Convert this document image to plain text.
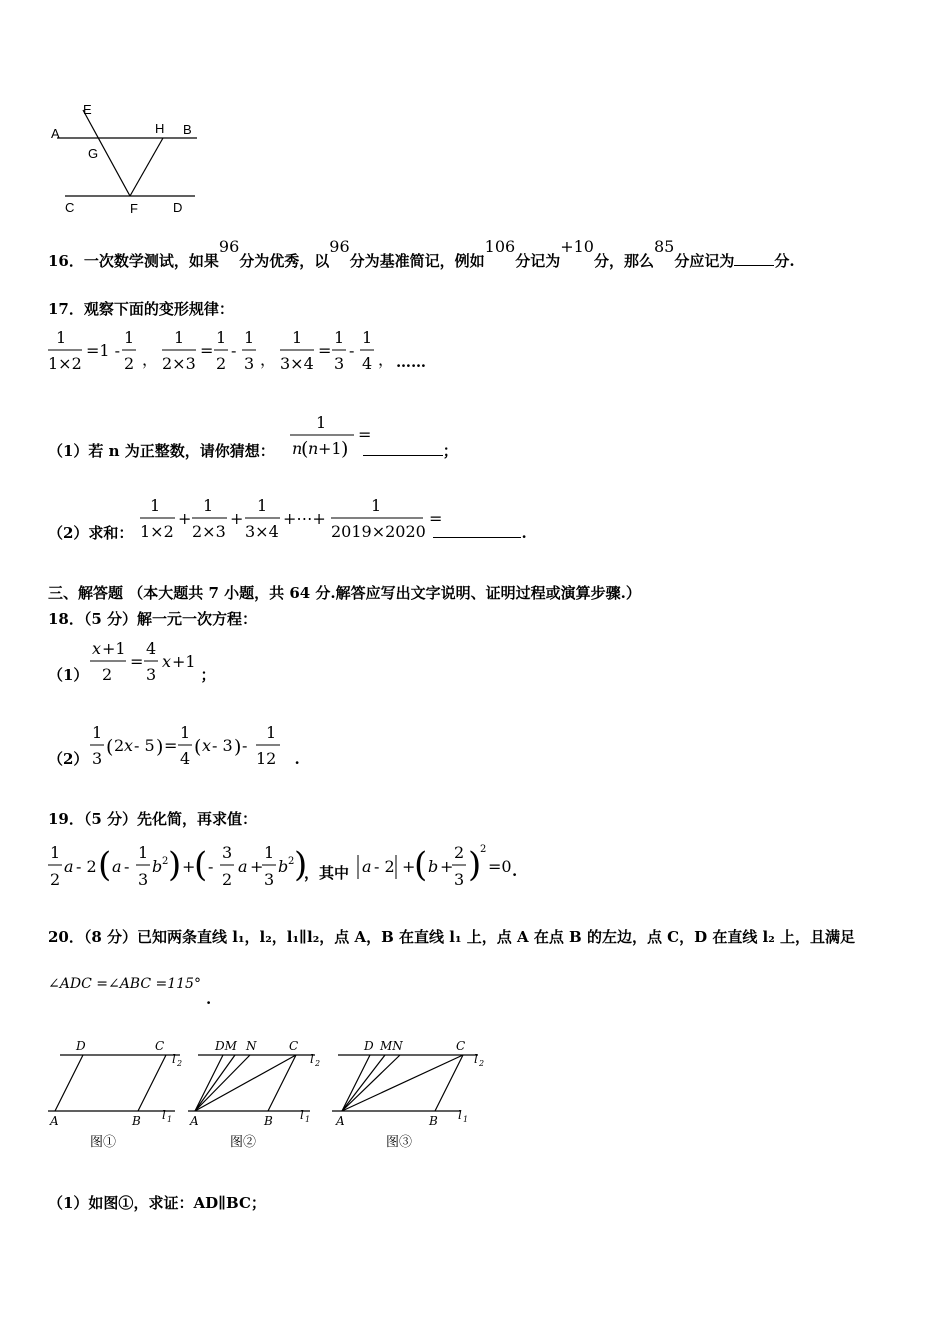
A
E
G
H B
C	F	D
16．一次数学测试，如果96分为优秀，以96分为基准简记，例如106分记为+10分，那么85分应记为	分.
17．观察下面的变形规律：
1
1×2
=1 -
1
2 ，
1
2×3
=
1
2
-
1
3 ，
1
3×4
=
1
3
-
1
4 ， ……
（1）若 n 为正整数，请你猜想：	；
1
n
( n +1 )
=
（2）求和：	.
1
1×2
+
1
2×3
+
1
3×4
+⋯+
1
2019×2020
=
三、解答题 （本大题共 7 小题，共 64 分.解答应写出文字说明、证明过程或演算步骤.）
18．（5 分）解一元一次方程：
（1）	；
x +1
2
=
4
3
x +1
（2）	.
1
3
( 2 x - 5 ) =
1
4
( x - 3 ) -
1
12
19．（5 分）先化简，再求值：
1
2
a - 2 ( a -
1
3
b 2 ) +
( -
3
2
a +
1
3
b 2 )
，其中 a - 2 +
( b +
2
3 )
2
=0 .
20．（8 分）已知两条直线 l₁，l₂，l₁∥l₂，点 A，B 在直线 l₁ 上，点 A 在点 B 的左边，点 C，D 在直线 l₂ 上，且满足
∠ADC =∠ABC =115°
.
D	C
l 2
A	B l 1
DM N	C
l 2
A	B l 1
D MN	C
l 2
A	B l 1
图①	图②	图③
（1）如图①，求证：AD∥BC；
